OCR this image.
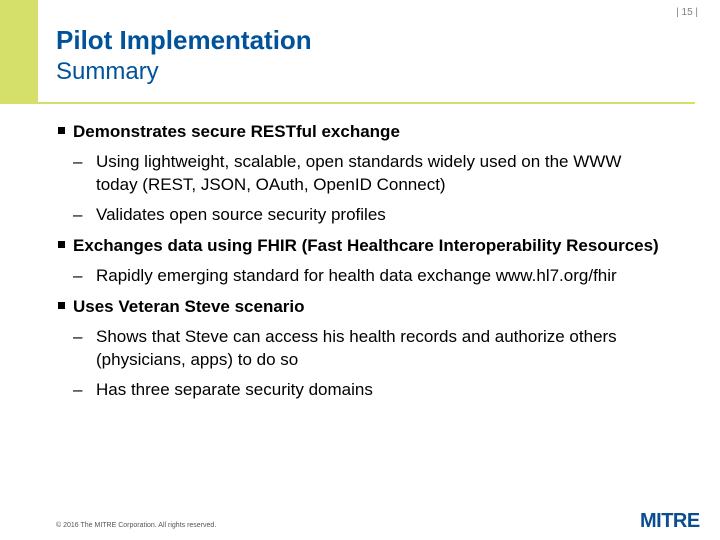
| 15 |
Pilot Implementation
Summary
Demonstrates secure RESTful exchange
– Using lightweight, scalable, open standards widely used on the WWW today (REST, JSON, OAuth, OpenID Connect)
– Validates open source security profiles
Exchanges data using FHIR (Fast Healthcare Interoperability Resources)
– Rapidly emerging standard for health data exchange www.hl7.org/fhir
Uses Veteran Steve scenario
– Shows that Steve can access his health records and authorize others (physicians, apps) to do so
– Has three separate security domains
© 2016 The MITRE Corporation. All rights reserved.	MITRE
